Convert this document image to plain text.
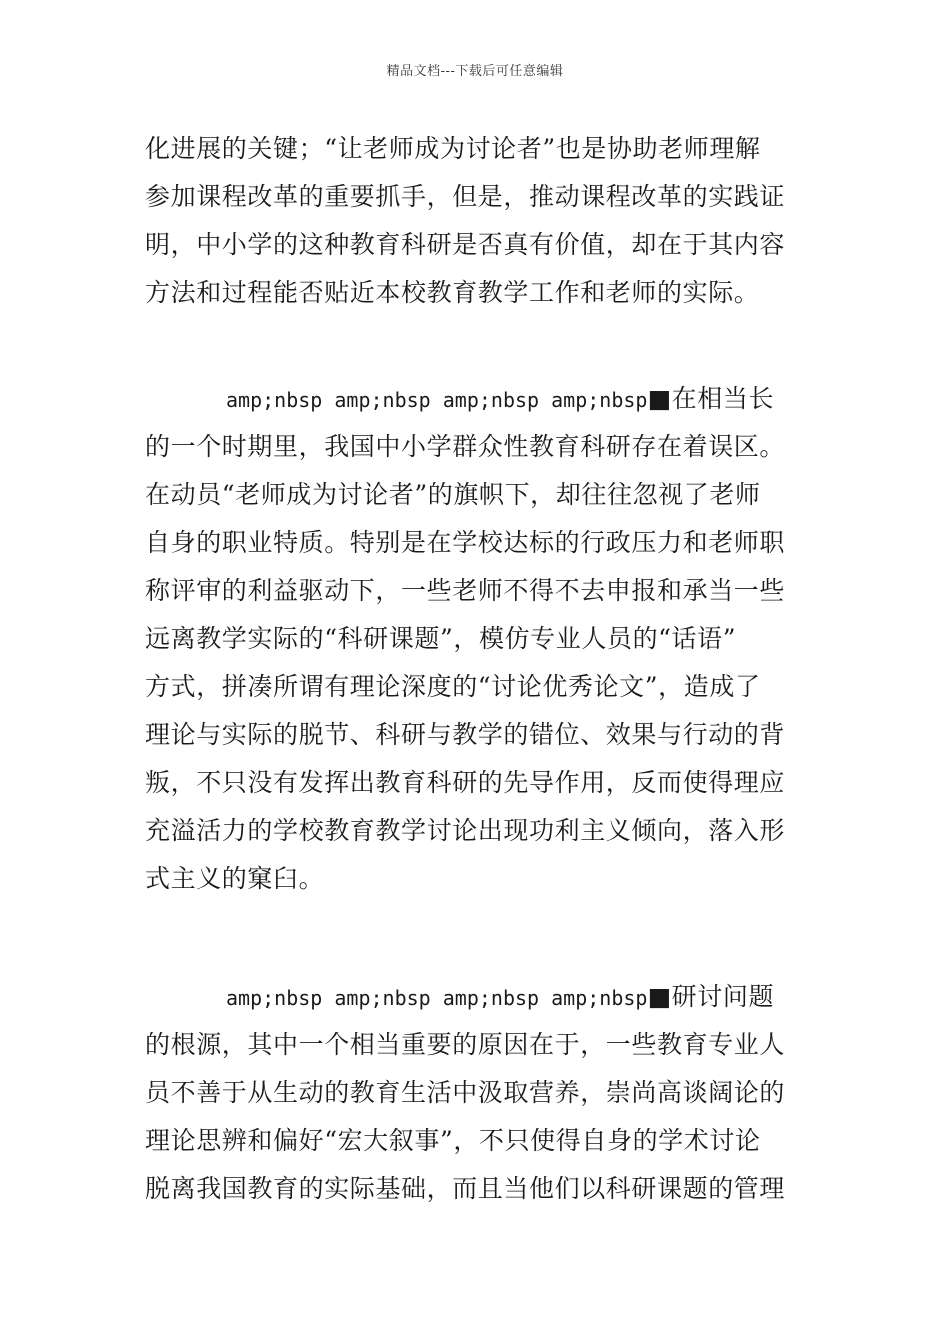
精品文档---下载后可任意编辑
化进展的关键；“让老师成为讨论者”也是协助老师理解
参加课程改革的重要抓手，但是，推动课程改革的实践证
明，中小学的这种教育科研是否真有价值，却在于其内容
方法和过程能否贴近本校教育教学工作和老师的实际。
amp;nbsp amp;nbsp amp;nbsp amp;nbsp■在相当长
的一个时期里，我国中小学群众性教育科研存在着误区。
在动员“老师成为讨论者”的旗帜下，却往往忽视了老师
自身的职业特质。特别是在学校达标的行政压力和老师职
称评审的利益驱动下，一些老师不得不去申报和承当一些
远离教学实际的“科研课题”，模仿专业人员的“话语”
方式，拼凑所谓有理论深度的“讨论优秀论文”，造成了
理论与实际的脱节、科研与教学的错位、效果与行动的背
叛，不只没有发挥出教育科研的先导作用，反而使得理应
充溢活力的学校教育教学讨论出现功利主义倾向，落入形
式主义的窠臼。
amp;nbsp amp;nbsp amp;nbsp amp;nbsp■研讨问题
的根源，其中一个相当重要的原因在于，一些教育专业人
员不善于从生动的教育生活中汲取营养，崇尚高谈阔论的
理论思辨和偏好“宏大叙事”，不只使得自身的学术讨论
脱离我国教育的实际基础，而且当他们以科研课题的管理
